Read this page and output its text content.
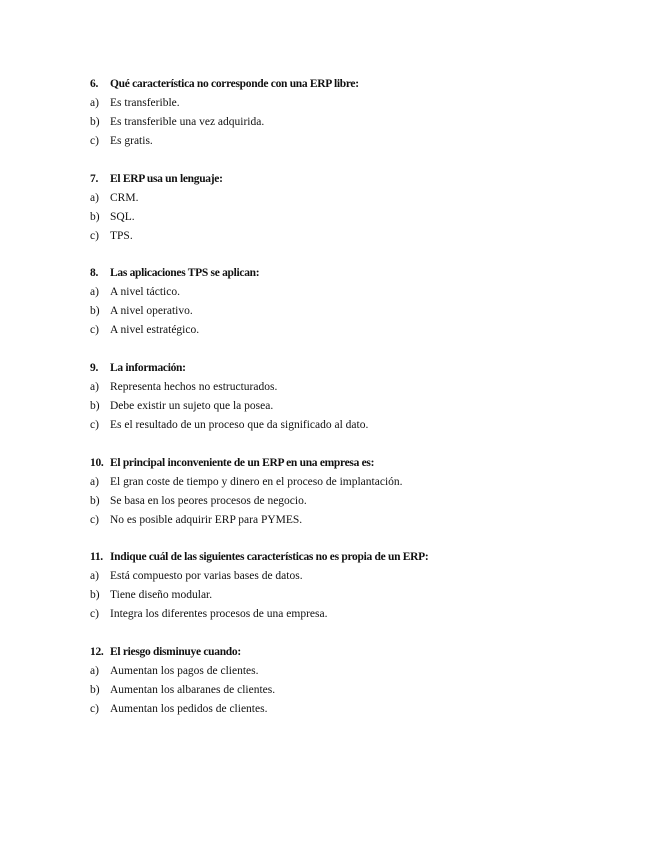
6.	Qué característica no corresponde con una ERP libre:
a) Es transferible.
b) Es transferible una vez adquirida.
c) Es gratis.
7.	El ERP usa un lenguaje:
a) CRM.
b) SQL.
c) TPS.
8.	Las aplicaciones TPS se aplican:
a) A nivel táctico.
b) A nivel operativo.
c) A nivel estratégico.
9.	La información:
a) Representa hechos no estructurados.
b) Debe existir un sujeto que la posea.
c) Es el resultado de un proceso que da significado al dato.
10. El principal inconveniente de un ERP en una empresa es:
a) El gran coste de tiempo y dinero en el proceso de implantación.
b) Se basa en los peores procesos de negocio.
c) No es posible adquirir ERP para PYMES.
11. Indique cuál de las siguientes características no es propia de un ERP:
a) Está compuesto por varias bases de datos.
b) Tiene diseño modular.
c) Integra los diferentes procesos de una empresa.
12. El riesgo disminuye cuando:
a) Aumentan los pagos de clientes.
b) Aumentan los albaranes de clientes.
c) Aumentan los pedidos de clientes.
